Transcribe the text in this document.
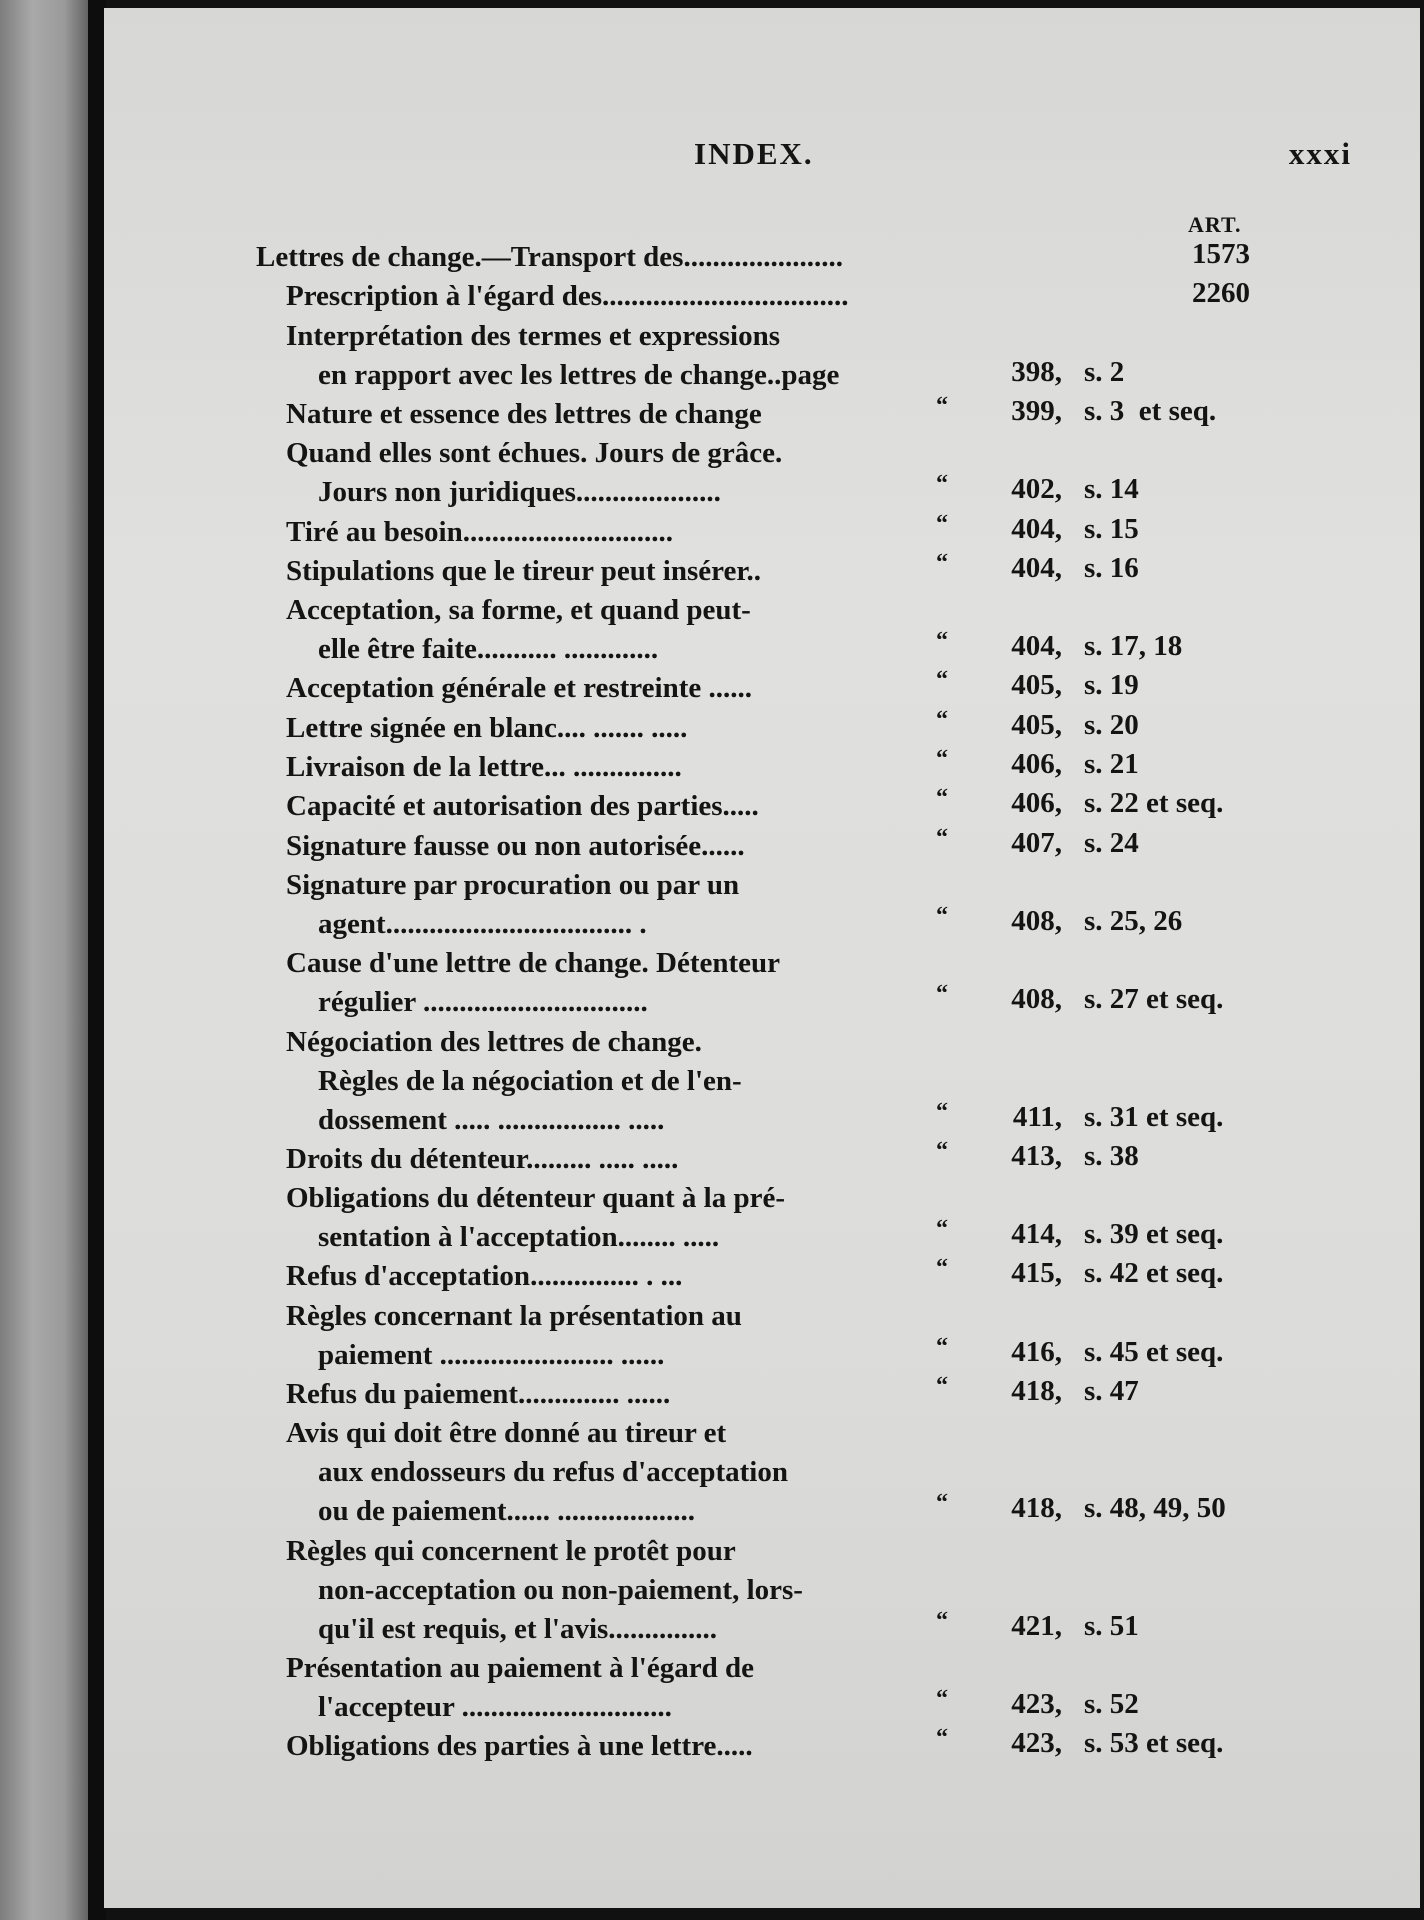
INDEX.	xxxi
ART.
Lettres de change.—Transport des......................	1573
Prescription à l'égard des..................................	2260
Interprétation des termes et expressions
en rapport avec les lettres de change..page	398, s. 2
Nature et essence des lettres de change	“	399, s. 3  et seq.
Quand elles sont échues. Jours de grâce.
Jours non juridiques....................	“	402, s. 14
Tiré au besoin.............................	“	404, s. 15
Stipulations que le tireur peut insérer..	“	404, s. 16
Acceptation, sa forme, et quand peut-
elle être faite........... .............	“	404, s. 17, 18
Acceptation générale et restreinte ......	“	405, s. 19
Lettre signée en blanc.... ....... .....	“	405, s. 20
Livraison de la lettre... ...............	“	406, s. 21
Capacité et autorisation des parties.....	“	406, s. 22 et seq.
Signature fausse ou non autorisée......	“	407, s. 24
Signature par procuration ou par un
agent.................................. .	“	408, s. 25, 26
Cause d'une lettre de change. Détenteur
régulier ...............................	“	408, s. 27 et seq.
Négociation des lettres de change.
Règles de la négociation et de l'en-
dossement ..... ................. .....	“	411, s. 31 et seq.
Droits du détenteur......... ..... .....	“	413, s. 38
Obligations du détenteur quant à la pré-
sentation à l'acceptation........ .....	“	414, s. 39 et seq.
Refus d'acceptation............... . ...	“	415, s. 42 et seq.
Règles concernant la présentation au
paiement ........................ ......	“	416, s. 45 et seq.
Refus du paiement.............. ......	“	418, s. 47
Avis qui doit être donné au tireur et
aux endosseurs du refus d'acceptation
ou de paiement...... ...................	“	418, s. 48, 49, 50
Règles qui concernent le protêt pour
non-acceptation ou non-paiement, lors-
qu'il est requis, et l'avis...............	“	421, s. 51
Présentation au paiement à l'égard de
l'accepteur .............................	“	423, s. 52
Obligations des parties à une lettre.....	“	423, s. 53 et seq.
